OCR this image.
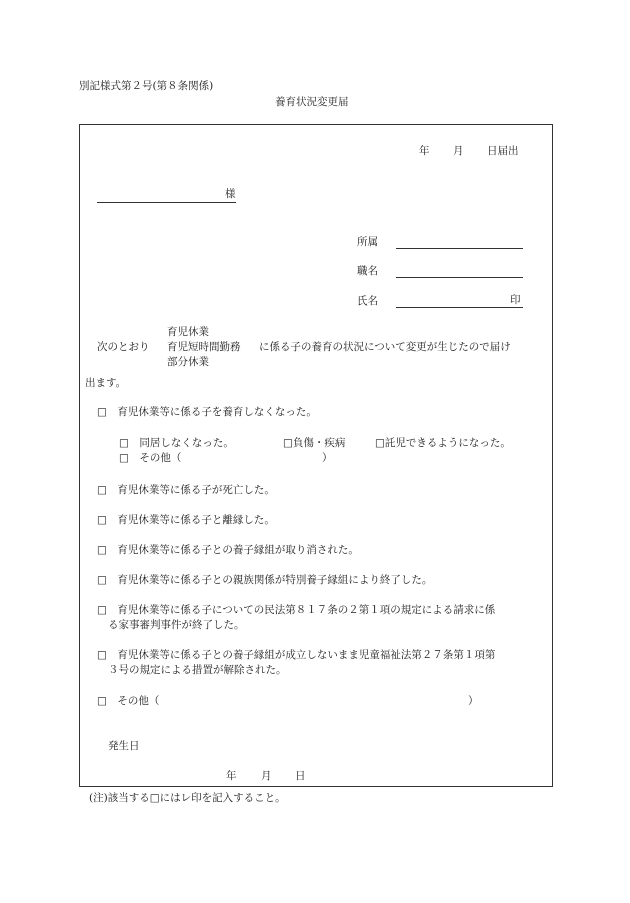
別記様式第２号(第８条関係)
養育状況変更届
年 月 日届出
様
所属
職名
氏名	印
育児休業
次のとおり 育児短時間勤務 に係る子の養育の状況について変更が生じたので届け
部分休業
出ます。
□　育児休業等に係る子を養育しなくなった。
□　同居しなくなった。	□負傷・疾病	□託児できるようになった。
□　その他（	）
□　育児休業等に係る子が死亡した。
□　育児休業等に係る子と離縁した。
□　育児休業等に係る子との養子縁組が取り消された。
□　育児休業等に係る子との親族関係が特別養子縁組により終了した。
□　育児休業等に係る子についての民法第８１７条の２第１項の規定による請求に係
る家事審判事件が終了した。
□　育児休業等に係る子との養子縁組が成立しないまま児童福祉法第２７条第１項第
３号の規定による措置が解除された。
□　その他（	）
発生日
年 月 日
(注)該当する□にはレ印を記入すること。
